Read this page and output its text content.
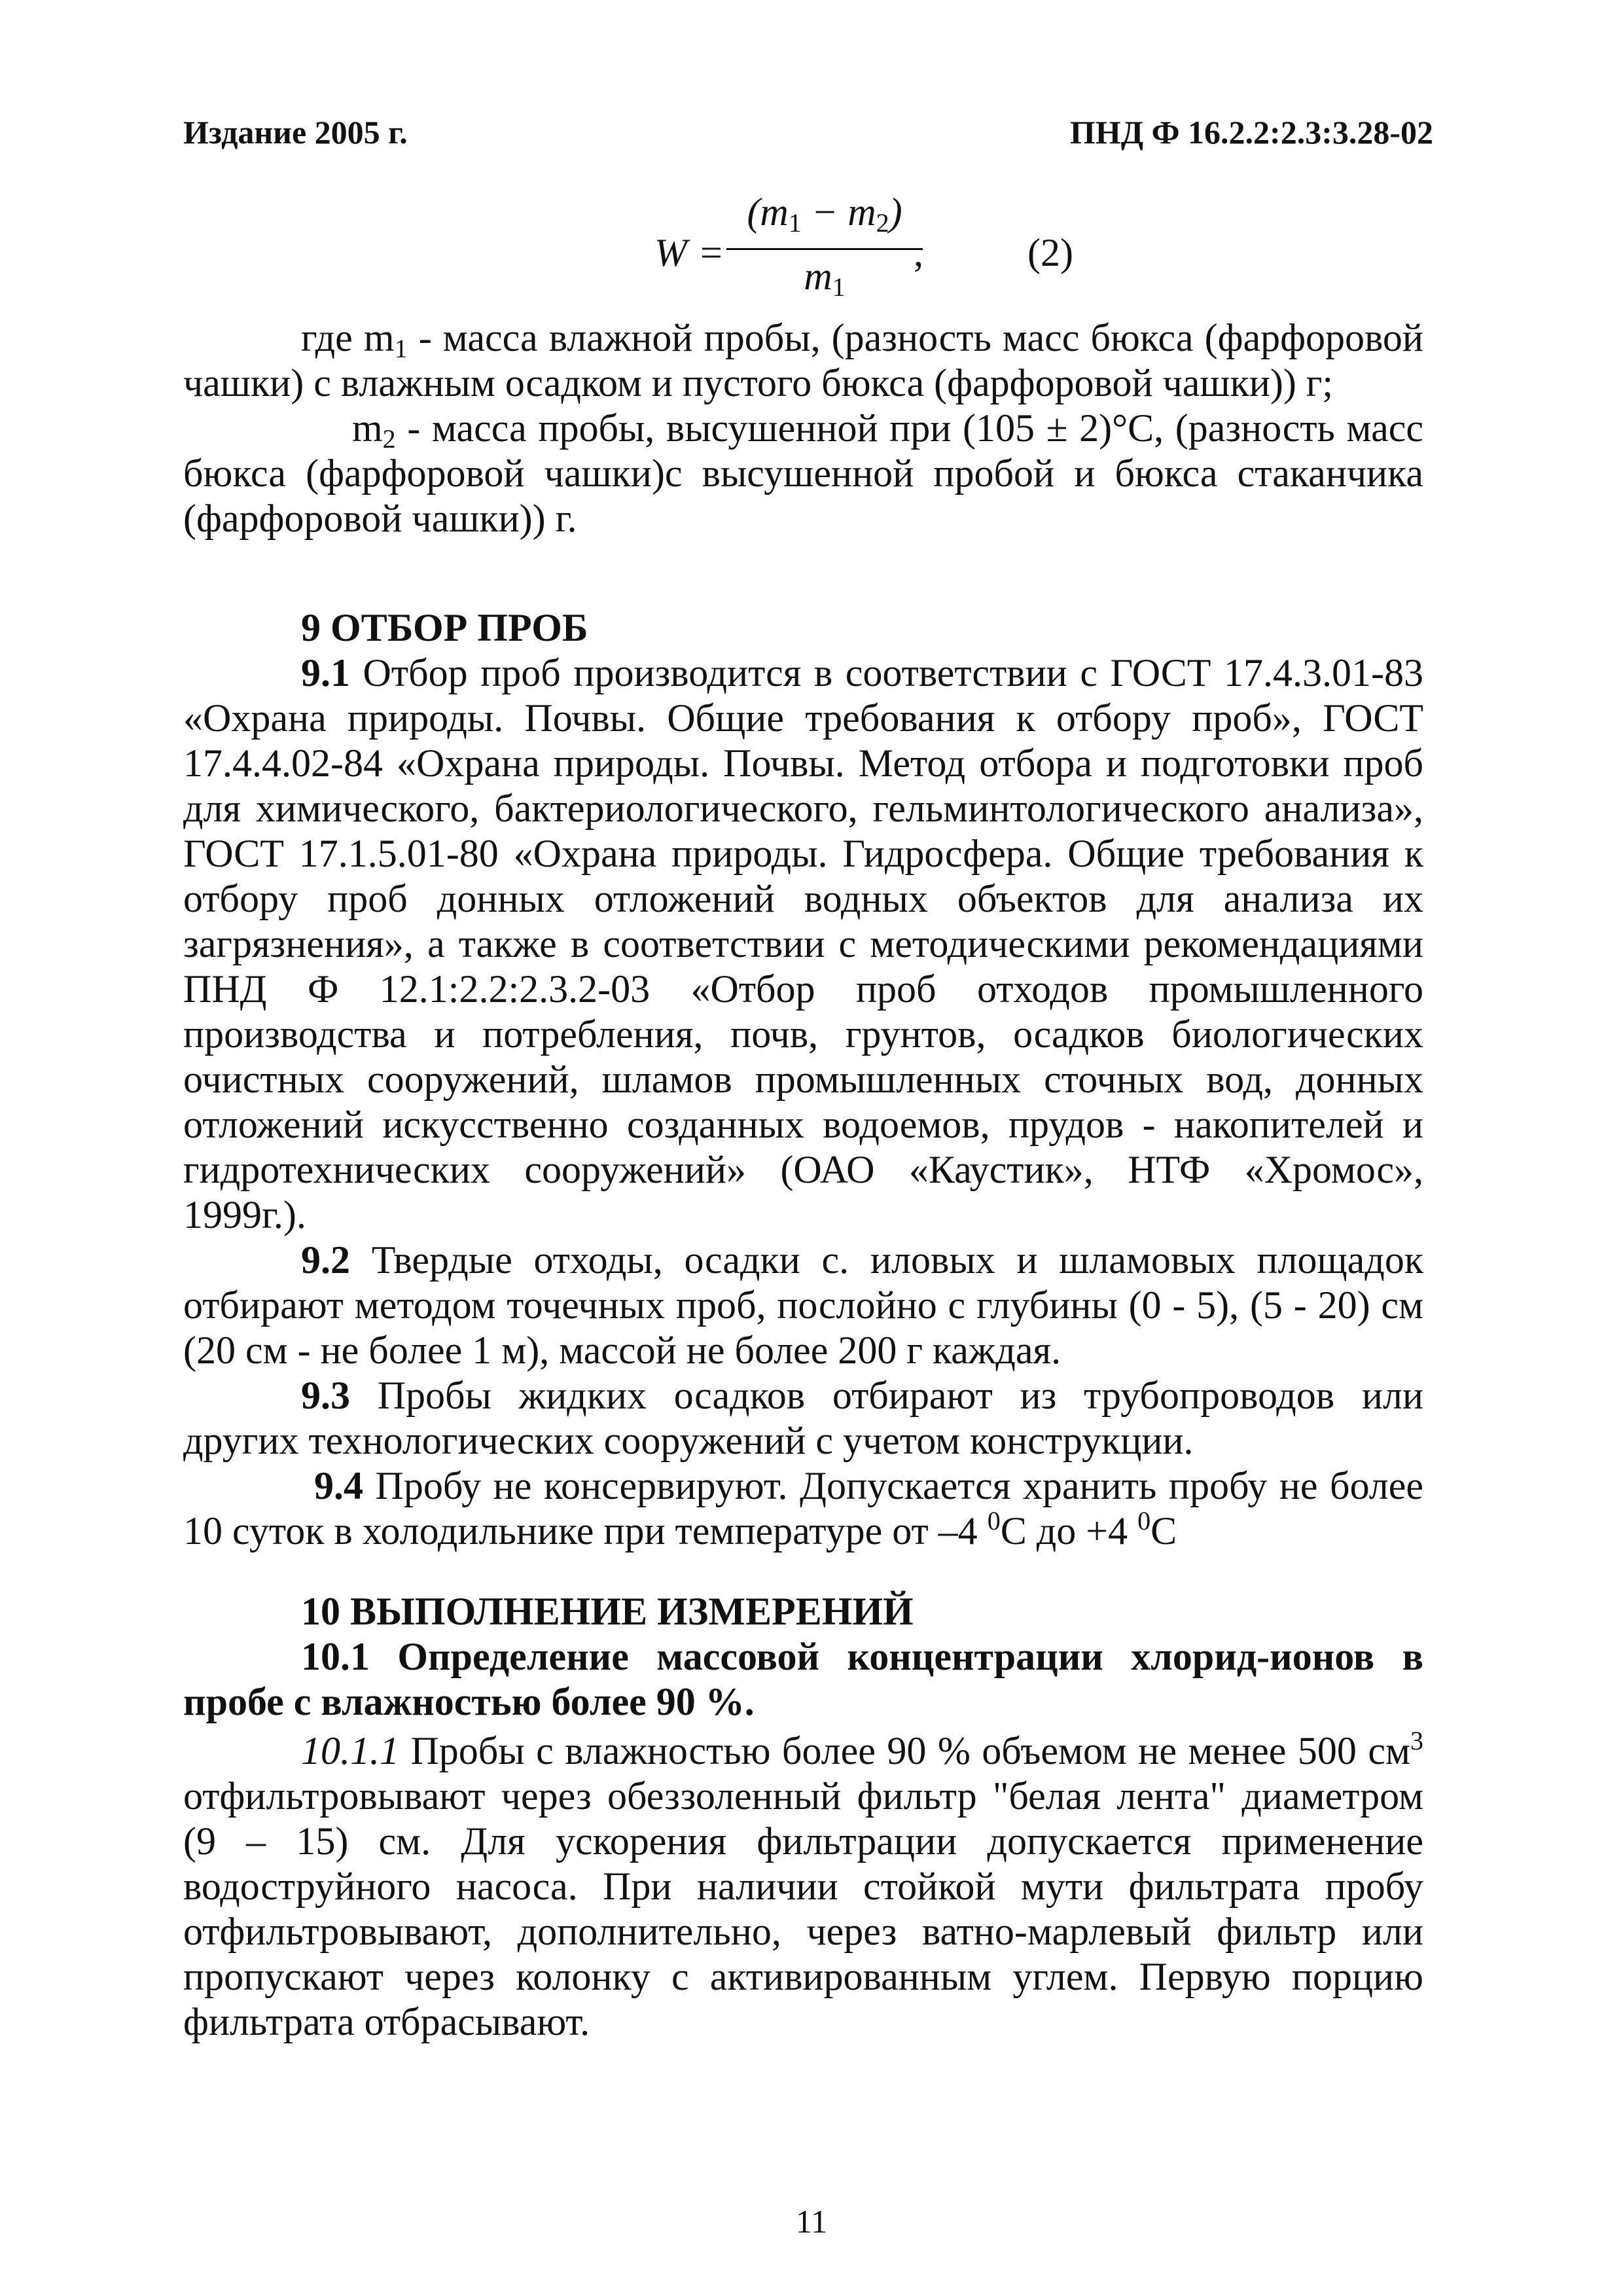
Издание 2005 г.	ПНД Ф 16.2.2:2.3:3.28-02
W =
$(m_1 - m_2)$
$m_1$
,	(2)

где $m_1$ - масса влажной пробы, (разность масс бюкса (фарфоровой чашки) с влажным осадком и пустого бюкса (фарфоровой чашки)) г;

$m_2$ - масса пробы, высушенной при (105 ± 2)°С, (разность масс бюкса (фарфоровой чашки)с высушенной пробой и бюкса стаканчика (фарфоровой чашки)) г.

9 ОТБОР ПРОБ

9.1 Отбор проб производится в соответствии с ГОСТ 17.4.3.01-83 «Охрана природы. Почвы. Общие требования к отбору проб», ГОСТ 17.4.4.02-84 «Охрана природы. Почвы. Метод отбора и подготовки проб для химического, бактериологического, гельминтологического анализа», ГОСТ 17.1.5.01-80 «Охрана природы. Гидросфера. Общие требования к отбору проб донных отложений водных объектов для анализа их загрязнения», а также в соответствии с методическими рекомендациями ПНД Ф 12.1:2.2:2.3.2-03 «Отбор проб отходов промышленного производства и потребления, почв, грунтов, осадков биологических очистных сооружений, шламов промышленных сточных вод, донных отложений искусственно созданных водоемов, прудов - накопителей и гидротехнических сооружений» (ОАО «Каустик», НТФ «Хромос», 1999г.).

9.2 Твердые отходы, осадки с. иловых и шламовых площадок отбирают методом точечных проб, послойно с глубины (0 - 5), (5 - 20) см (20 см - не более 1 м), массой не более 200 г каждая.

9.3 Пробы жидких осадков отбирают из трубопроводов или других технологических сооружений с учетом конструкции.

9.4 Пробу не консервируют. Допускается хранить пробу не более 10 суток в холодильнике при температуре от –4 $^0$С до +4 $^0$С

10 ВЫПОЛНЕНИЕ ИЗМЕРЕНИЙ

10.1 Определение массовой концентрации хлорид-ионов в пробе с влажностью более 90 %.

10.1.1 Пробы с влажностью более 90 % объемом не менее 500 $см^3$ отфильтровывают через обеззоленный фильтр "белая лента" диаметром (9 – 15) см. Для ускорения фильтрации допускается применение водоструйного насоса. При наличии стойкой мути фильтрата пробу отфильтровывают, дополнительно, через ватно-марлевый фильтр или пропускают через колонку с активированным углем. Первую порцию фильтрата отбрасывают.

11
